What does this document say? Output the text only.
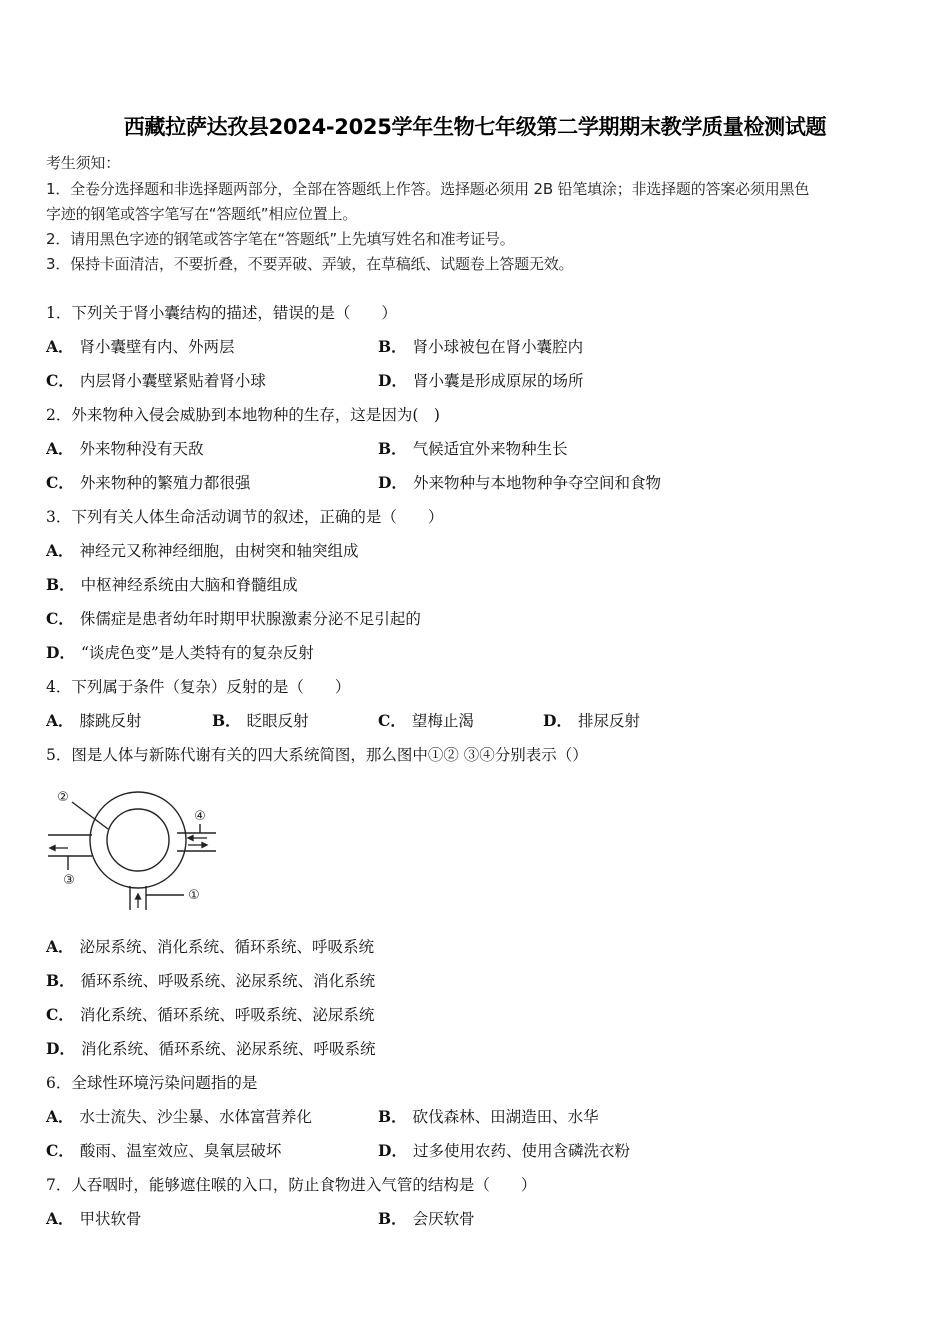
西藏拉萨达孜县2024-2025学年生物七年级第二学期期末教学质量检测试题
考生须知：
1．全卷分选择题和非选择题两部分，全部在答题纸上作答。选择题必须用 2B 铅笔填涂；非选择题的答案必须用黑色
字迹的钢笔或答字笔写在“答题纸”相应位置上。
2．请用黑色字迹的钢笔或答字笔在“答题纸”上先填写姓名和准考证号。
3．保持卡面清洁，不要折叠，不要弄破、弄皱，在草稿纸、试题卷上答题无效。
1．下列关于肾小囊结构的描述，错误的是（　　）
A． 肾小囊壁有内、外两层	B． 肾小球被包在肾小囊腔内
C． 内层肾小囊壁紧贴着肾小球	D． 肾小囊是形成原尿的场所
2．外来物种入侵会威胁到本地物种的生存，这是因为(　)
A． 外来物种没有天敌	B． 气候适宜外来物种生长
C． 外来物种的繁殖力都很强	D． 外来物种与本地物种争夺空间和食物
3．下列有关人体生命活动调节的叙述，正确的是（　　）
A． 神经元又称神经细胞，由树突和轴突组成
B． 中枢神经系统由大脑和脊髓组成
C． 侏儒症是患者幼年时期甲状腺激素分泌不足引起的
D． “谈虎色变”是人类特有的复杂反射
4．下列属于条件（复杂）反射的是（　　）
A． 膝跳反射	B． 眨眼反射	C． 望梅止渴	D． 排尿反射
5．图是人体与新陈代谢有关的四大系统简图，那么图中①② ③④分别表示（）
②
④
③
①
A． 泌尿系统、消化系统、循环系统、呼吸系统
B． 循环系统、呼吸系统、泌尿系统、消化系统
C． 消化系统、循环系统、呼吸系统、泌尿系统
D． 消化系统、循环系统、泌尿系统、呼吸系统
6．全球性环境污染问题指的是
A． 水士流失、沙尘暴、水体富营养化	B． 砍伐森林、田湖造田、水华
C． 酸雨、温室效应、臭氧层破坏	D． 过多使用农药、使用含磷洗衣粉
7．人吞咽时，能够遮住喉的入口，防止食物进入气管的结构是（　　）
A． 甲状软骨	B． 会厌软骨
